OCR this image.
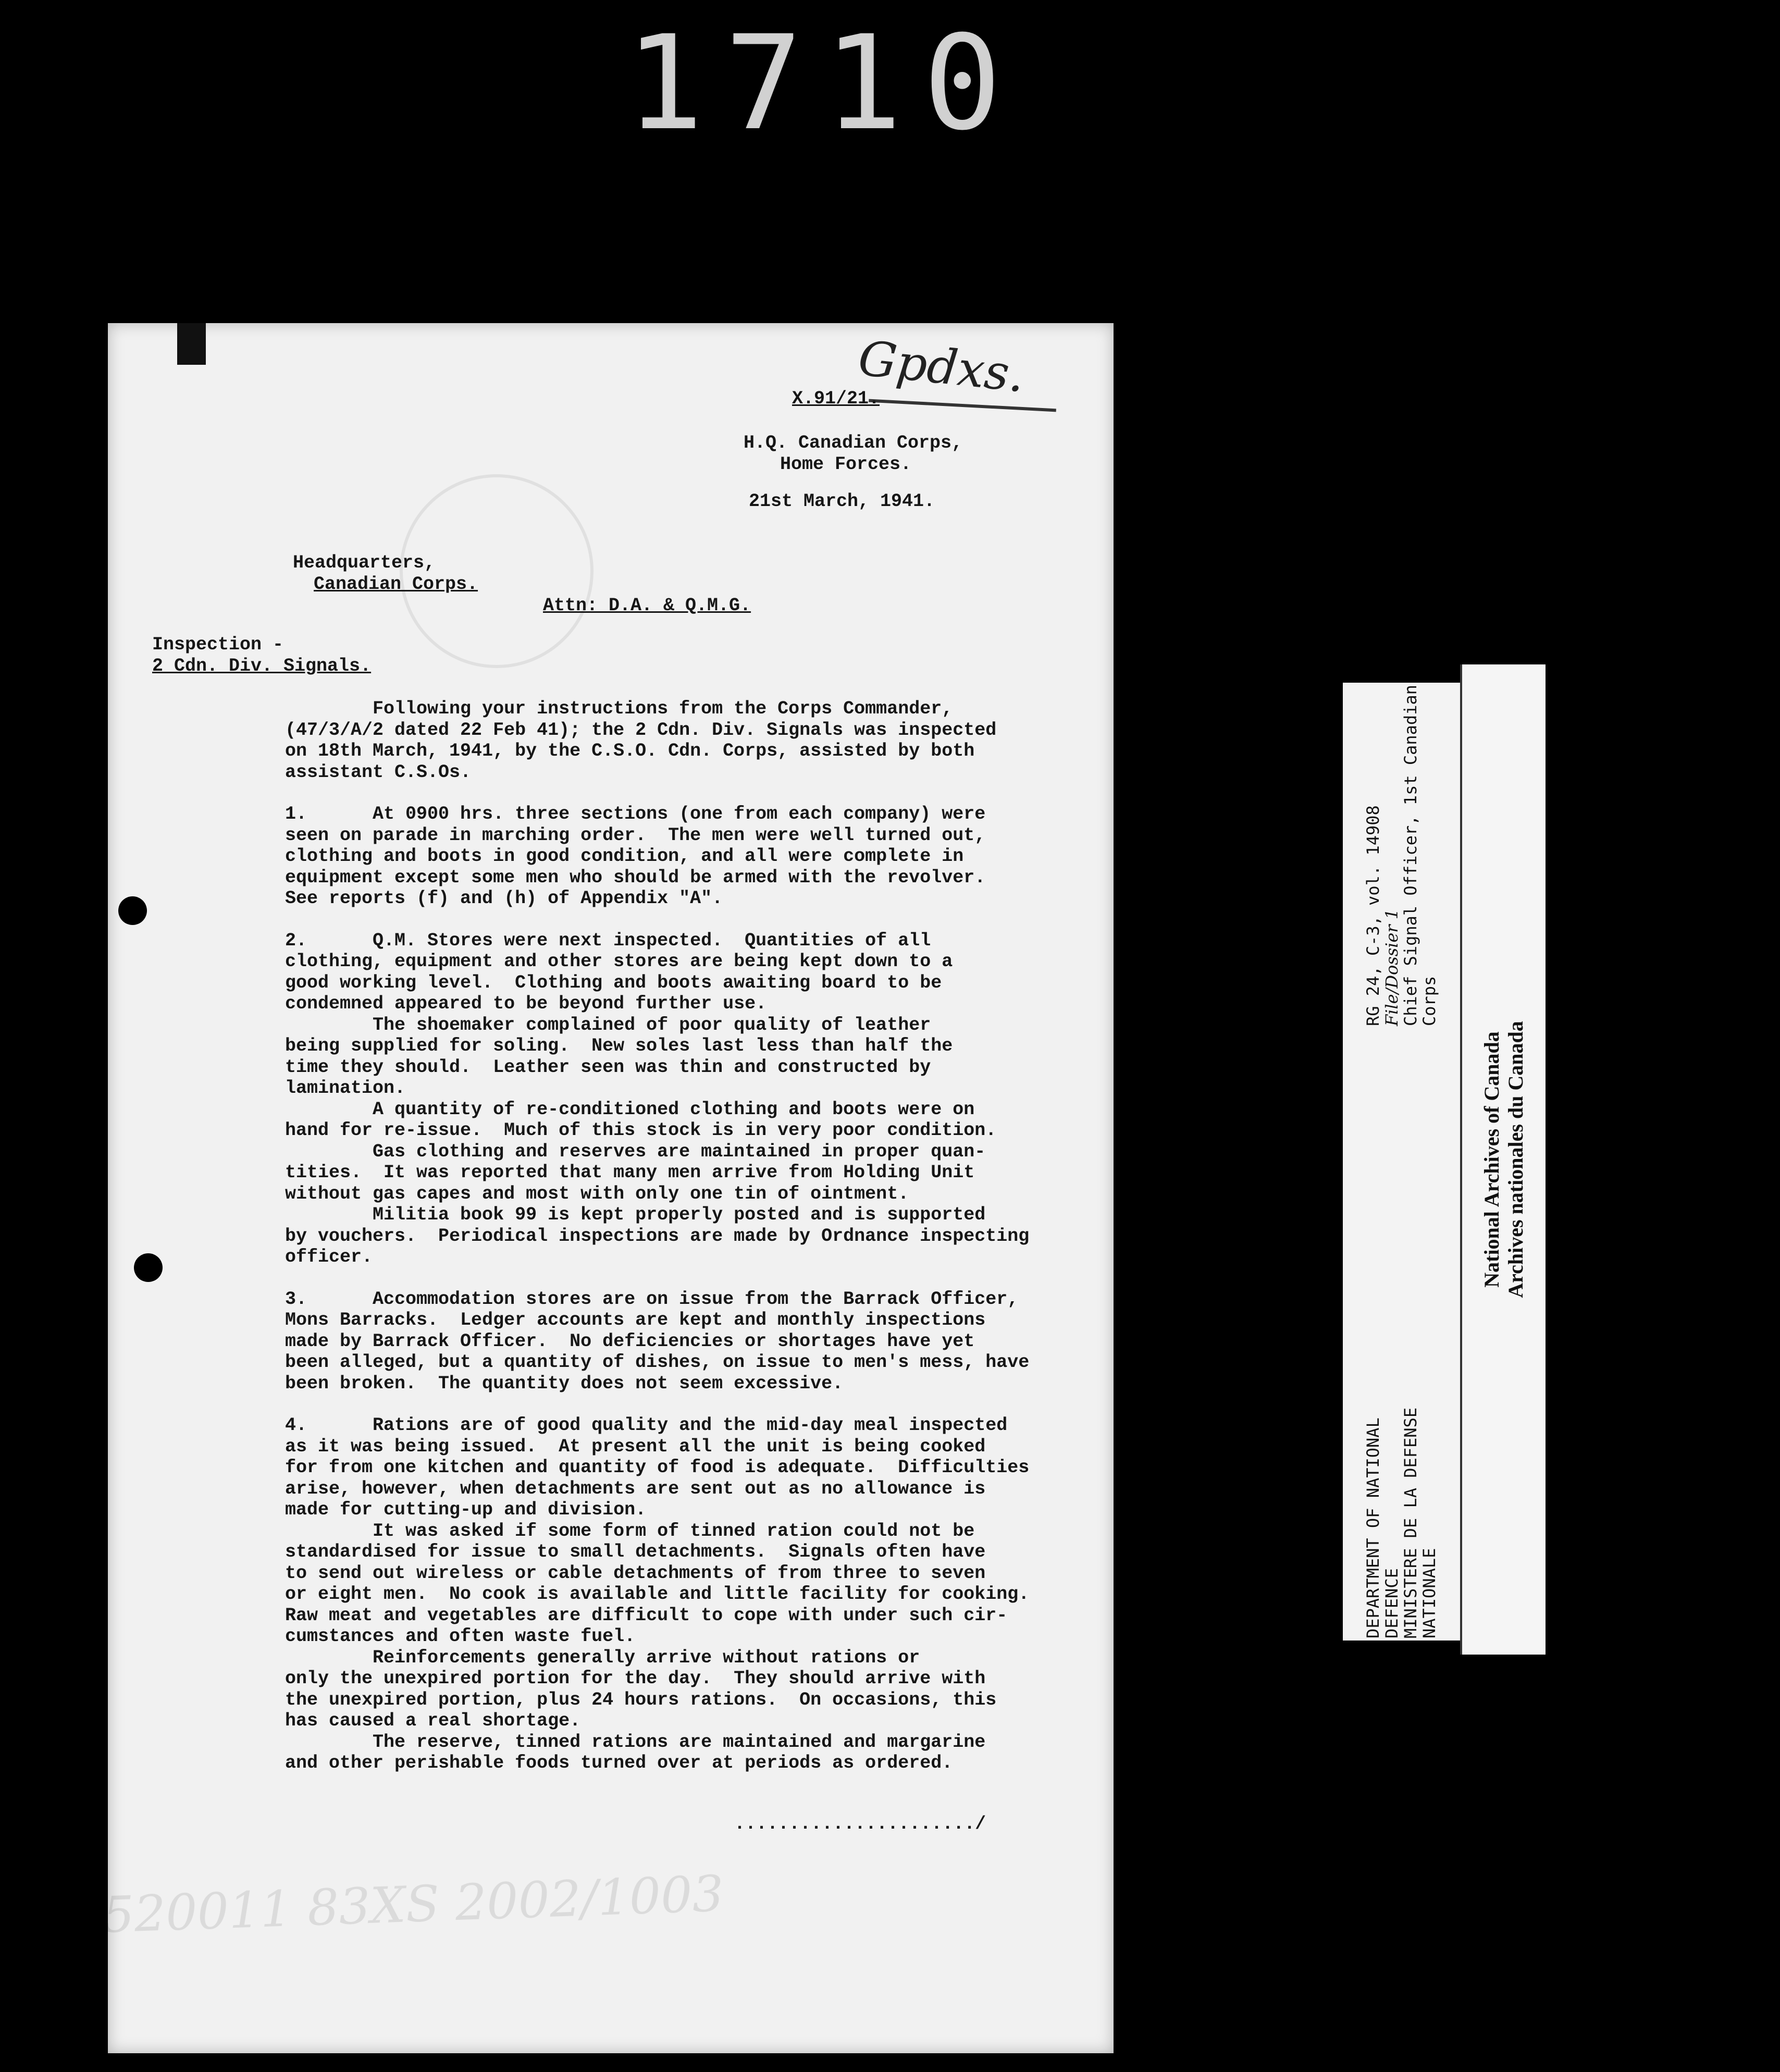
1710
Gpdxs.
X.91/21.
H.Q. Canadian Corps,
Home Forces.
21st March, 1941.
Headquarters,
Canadian Corps.
Attn: D.A. & Q.M.G.
Inspection -
2 Cdn. Div. Signals.
Following your instructions from the Corps Commander,
(47/3/A/2 dated 22 Feb 41); the 2 Cdn. Div. Signals was inspected
on 18th March, 1941, by the C.S.O. Cdn. Corps, assisted by both
assistant C.S.Os.
1.      At 0900 hrs. three sections (one from each company) were
seen on parade in marching order.  The men were well turned out,
clothing and boots in good condition, and all were complete in
equipment except some men who should be armed with the revolver.
See reports (f) and (h) of Appendix "A".
2.      Q.M. Stores were next inspected.  Quantities of all
clothing, equipment and other stores are being kept down to a
good working level.  Clothing and boots awaiting board to be
condemned appeared to be beyond further use.
The shoemaker complained of poor quality of leather
being supplied for soling.  New soles last less than half the
time they should.  Leather seen was thin and constructed by
lamination.
A quantity of re-conditioned clothing and boots were on
hand for re-issue.  Much of this stock is in very poor condition.
Gas clothing and reserves are maintained in proper quan-
tities.  It was reported that many men arrive from Holding Unit
without gas capes and most with only one tin of ointment.
Militia book 99 is kept properly posted and is supported
by vouchers.  Periodical inspections are made by Ordnance inspecting
officer.
3.      Accommodation stores are on issue from the Barrack Officer,
Mons Barracks.  Ledger accounts are kept and monthly inspections
made by Barrack Officer.  No deficiencies or shortages have yet
been alleged, but a quantity of dishes, on issue to men's mess, have
been broken.  The quantity does not seem excessive.
4.      Rations are of good quality and the mid-day meal inspected
as it was being issued.  At present all the unit is being cooked
for from one kitchen and quantity of food is adequate.  Difficulties
arise, however, when detachments are sent out as no allowance is
made for cutting-up and division.
It was asked if some form of tinned ration could not be
standardised for issue to small detachments.  Signals often have
to send out wireless or cable detachments of from three to seven
or eight men.  No cook is available and little facility for cooking.
Raw meat and vegetables are difficult to cope with under such cir-
cumstances and often waste fuel.
Reinforcements generally arrive without rations or
only the unexpired portion for the day.  They should arrive with
the unexpired portion, plus 24 hours rations.  On occasions, this
has caused a real shortage.
The reserve, tinned rations are maintained and margarine
and other perishable foods turned over at periods as ordered.
....................../
520011 83XS 2002/1003
DEPARTMENT OF NATIONAL
DEFENCE
MINISTERE DE LA DEFENSE
NATIONALE
RG 24, C-3, vol. 14908
File/Dossier 1
Chief Signal Officer, 1st Canadian
Corps
National Archives of Canada Archives nationales du Canada
